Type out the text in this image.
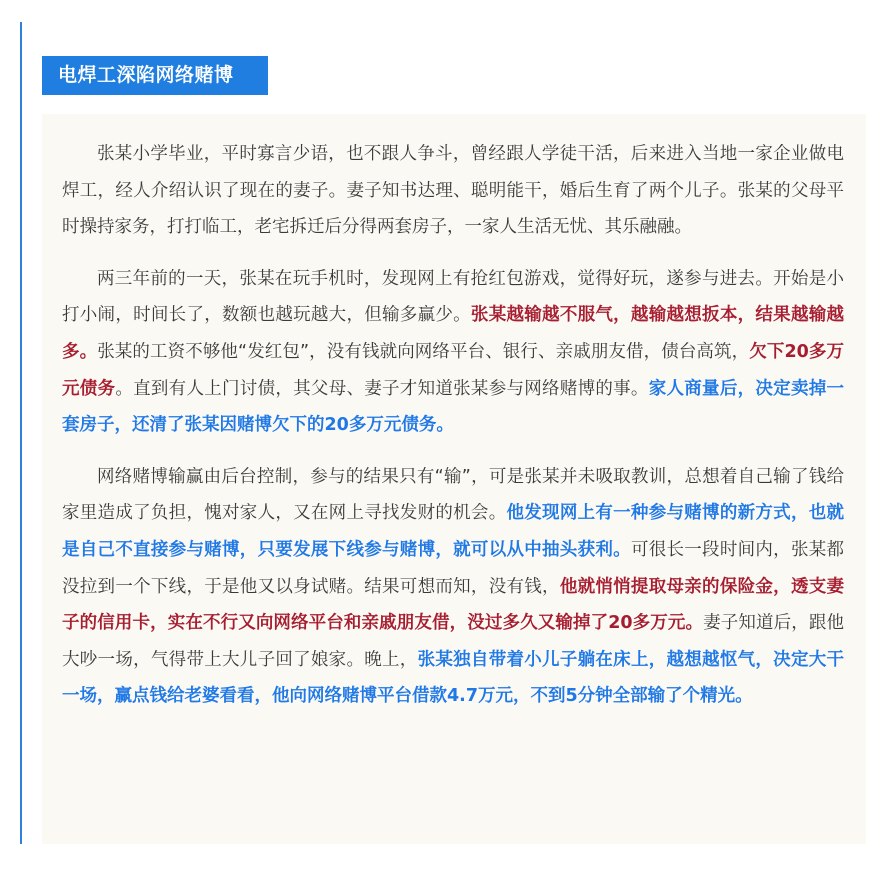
电焊工深陷网络赌博

张某小学毕业，平时寡言少语，也不跟人争斗，曾经跟人学徒干活，后来进入当地一家企业做电焊工，经人介绍认识了现在的妻子。妻子知书达理、聪明能干，婚后生育了两个儿子。张某的父母平时操持家务，打打临工，老宅拆迁后分得两套房子，一家人生活无忧、其乐融融。

两三年前的一天，张某在玩手机时，发现网上有抢红包游戏，觉得好玩，遂参与进去。开始是小打小闹，时间长了，数额也越玩越大，但输多赢少。张某越输越不服气，越输越想扳本，结果越输越多。张某的工资不够他“发红包”，没有钱就向网络平台、银行、亲戚朋友借，债台高筑，欠下20多万元债务。直到有人上门讨债，其父母、妻子才知道张某参与网络赌博的事。家人商量后，决定卖掉一套房子，还清了张某因赌博欠下的20多万元债务。

网络赌博输赢由后台控制，参与的结果只有“输”，可是张某并未吸取教训，总想着自己输了钱给家里造成了负担，愧对家人，又在网上寻找发财的机会。他发现网上有一种参与赌博的新方式，也就是自己不直接参与赌博，只要发展下线参与赌博，就可以从中抽头获利。可很长一段时间内，张某都没拉到一个下线，于是他又以身试赌。结果可想而知，没有钱，他就悄悄提取母亲的保险金，透支妻子的信用卡，实在不行又向网络平台和亲戚朋友借，没过多久又输掉了20多万元。妻子知道后，跟他大吵一场，气得带上大儿子回了娘家。晚上，张某独自带着小儿子躺在床上，越想越怄气，决定大干一场，赢点钱给老婆看看，他向网络赌博平台借款4.7万元，不到5分钟全部输了个精光。
